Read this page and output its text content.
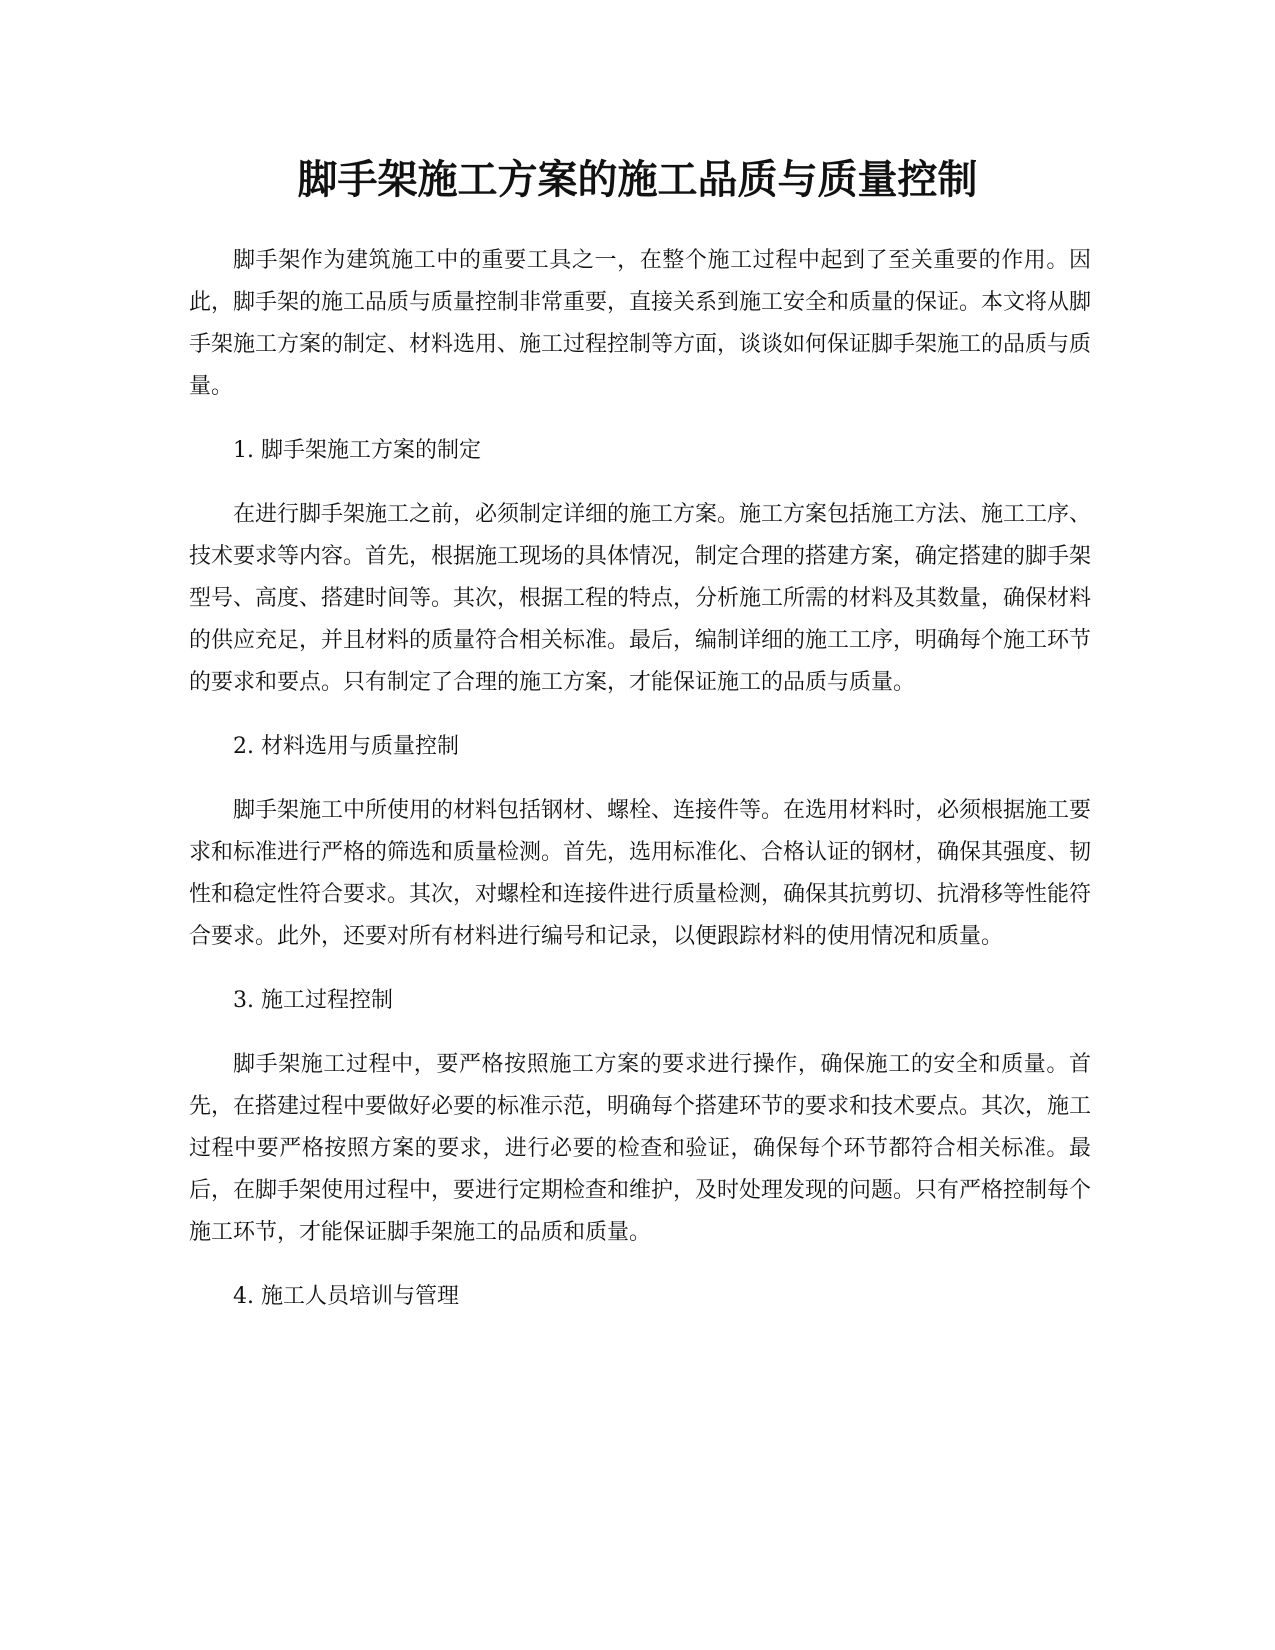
脚手架施工方案的施工品质与质量控制

脚手架作为建筑施工中的重要工具之一，在整个施工过程中起到了至关重要的作用。因此，脚手架的施工品质与质量控制非常重要，直接关系到施工安全和质量的保证。本文将从脚手架施工方案的制定、材料选用、施工过程控制等方面，谈谈如何保证脚手架施工的品质与质量。

1. 脚手架施工方案的制定

在进行脚手架施工之前，必须制定详细的施工方案。施工方案包括施工方法、施工工序、技术要求等内容。首先，根据施工现场的具体情况，制定合理的搭建方案，确定搭建的脚手架型号、高度、搭建时间等。其次，根据工程的特点，分析施工所需的材料及其数量，确保材料的供应充足，并且材料的质量符合相关标准。最后，编制详细的施工工序，明确每个施工环节的要求和要点。只有制定了合理的施工方案，才能保证施工的品质与质量。

2. 材料选用与质量控制

脚手架施工中所使用的材料包括钢材、螺栓、连接件等。在选用材料时，必须根据施工要求和标准进行严格的筛选和质量检测。首先，选用标准化、合格认证的钢材，确保其强度、韧性和稳定性符合要求。其次，对螺栓和连接件进行质量检测，确保其抗剪切、抗滑移等性能符合要求。此外，还要对所有材料进行编号和记录，以便跟踪材料的使用情况和质量。

3. 施工过程控制

脚手架施工过程中，要严格按照施工方案的要求进行操作，确保施工的安全和质量。首先，在搭建过程中要做好必要的标准示范，明确每个搭建环节的要求和技术要点。其次，施工过程中要严格按照方案的要求，进行必要的检查和验证，确保每个环节都符合相关标准。最后，在脚手架使用过程中，要进行定期检查和维护，及时处理发现的问题。只有严格控制每个施工环节，才能保证脚手架施工的品质和质量。

4. 施工人员培训与管理
